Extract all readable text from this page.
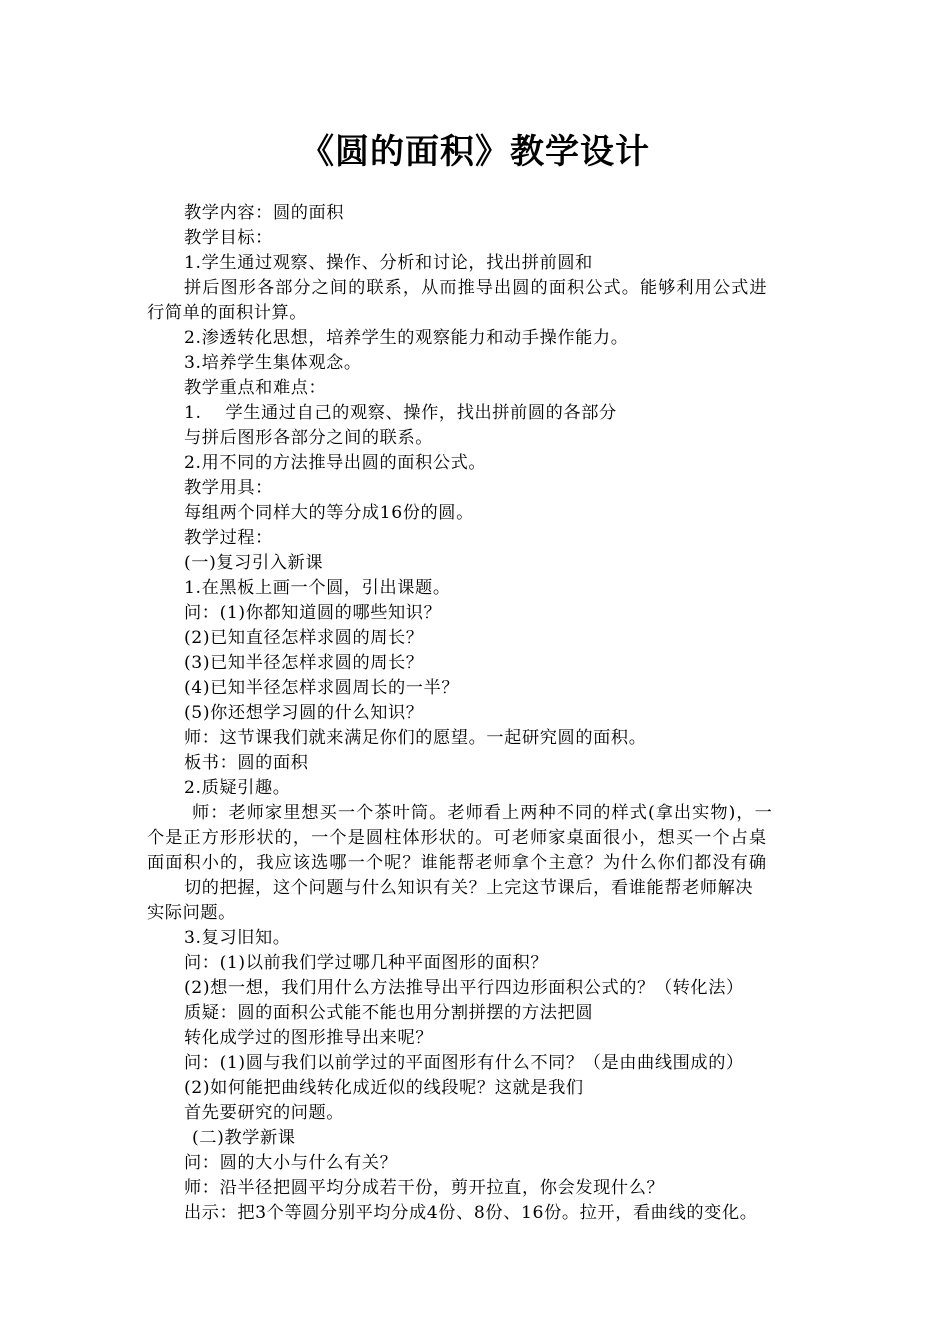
《圆的面积》教学设计
教学内容：圆的面积
教学目标：
1.学生通过观察、操作、分析和讨论，找出拼前圆和
拼后图形各部分之间的联系，从而推导出圆的面积公式。能够利用公式进
行简单的面积计算。
2.渗透转化思想，培养学生的观察能力和动手操作能力。
3.培养学生集体观念。
教学重点和难点：
1.　 学生通过自己的观察、操作，找出拼前圆的各部分
与拼后图形各部分之间的联系。
2.用不同的方法推导出圆的面积公式。
教学用具：
每组两个同样大的等分成16份的圆。
教学过程：
(一)复习引入新课
1.在黑板上画一个圆，引出课题。
问：(1)你都知道圆的哪些知识？
(2)已知直径怎样求圆的周长？
(3)已知半径怎样求圆的周长？
(4)已知半径怎样求圆周长的一半？
(5)你还想学习圆的什么知识？
师：这节课我们就来满足你们的愿望。一起研究圆的面积。
板书：圆的面积
2.质疑引趣。
师：老师家里想买一个茶叶筒。老师看上两种不同的样式(拿出实物)，一
个是正方形形状的，一个是圆柱体形状的。可老师家桌面很小，想买一个占桌
面面积小的，我应该选哪一个呢？谁能帮老师拿个主意？为什么你们都没有确
切的把握，这个问题与什么知识有关？上完这节课后，看谁能帮老师解决
实际问题。
3.复习旧知。
问：(1)以前我们学过哪几种平面图形的面积？
(2)想一想，我们用什么方法推导出平行四边形面积公式的？（转化法）
质疑：圆的面积公式能不能也用分割拼摆的方法把圆
转化成学过的图形推导出来呢？
问：(1)圆与我们以前学过的平面图形有什么不同？（是由曲线围成的）
(2)如何能把曲线转化成近似的线段呢？这就是我们
首先要研究的问题。
(二)教学新课
问：圆的大小与什么有关？
师：沿半径把圆平均分成若干份，剪开拉直，你会发现什么？
出示：把3个等圆分别平均分成4份、8份、16份。拉开，看曲线的变化。
